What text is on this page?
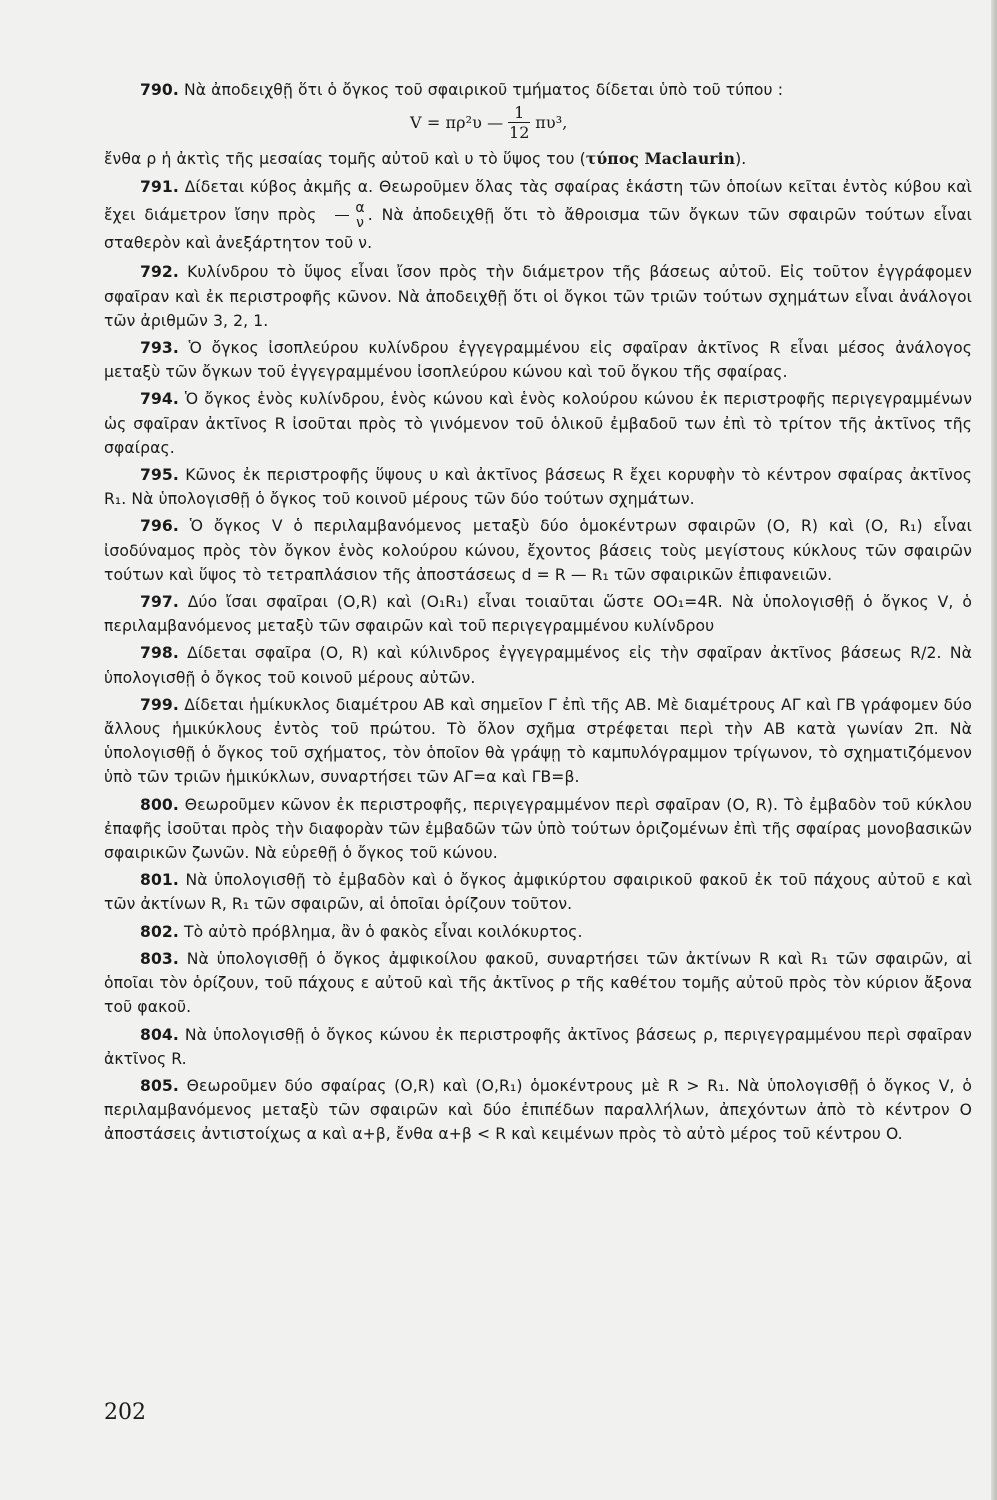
790. Νὰ ἀποδειχθῇ ὅτι ὁ ὄγκος τοῦ σφαιρικοῦ τμήματος δίδεται ὑπὸ τοῦ τύπου :

V = πρ²υ — $\frac{1}{12} \pi\upsilon^3$,

ἔνθα ρ ἡ ἀκτὶς τῆς μεσαίας τομῆς αὐτοῦ καὶ υ τὸ ὕψος του (τύπος Maclaurin).

791. Δίδεται κύβος ἀκμῆς α. Θεωροῦμεν ὅλας τὰς σφαίρας ἑκάστη τῶν ὁποίων κεῖται ἐντὸς κύβου καὶ ἔχει διάμετρον ἴσην πρὸς $\frac{\alpha}{\nu}$ . Νὰ ἀποδειχθῇ ὅτι τὸ ἄθροισμα τῶν ὄγκων τῶν σφαιρῶν τούτων εἶναι σταθερὸν καὶ ἀνεξάρτητον τοῦ ν.

792. Κυλίνδρου τὸ ὕψος εἶναι ἴσον πρὸς τὴν διάμετρον τῆς βάσεως αὐτοῦ. Εἰς τοῦτον ἐγγράφομεν σφαῖραν καὶ ἐκ περιστροφῆς κῶνον. Νὰ ἀποδειχθῇ ὅτι οἱ ὄγκοι τῶν τριῶν τούτων σχημάτων εἶναι ἀνάλογοι τῶν ἀριθμῶν 3, 2, 1.

793. Ὁ ὄγκος ἰσοπλεύρου κυλίνδρου ἐγγεγραμμένου εἰς σφαῖραν ἀκτῖνος R εἶναι μέσος ἀνάλογος μεταξὺ τῶν ὄγκων τοῦ ἐγγεγραμμένου ἰσοπλεύρου κώνου καὶ τοῦ ὄγκου τῆς σφαίρας.

794. Ὁ ὄγκος ἑνὸς κυλίνδρου, ἑνὸς κώνου καὶ ἑνὸς κολούρου κώνου ἐκ περιστροφῆς περιγεγραμμένων ὡς σφαῖραν ἀκτῖνος R ἰσοῦται πρὸς τὸ γινόμενον τοῦ ὁλικοῦ ἐμβαδοῦ των ἐπὶ τὸ τρίτον τῆς ἀκτῖνος τῆς σφαίρας.

795. Κῶνος ἐκ περιστροφῆς ὕψους υ καὶ ἀκτῖνος βάσεως R ἔχει κορυφὴν τὸ κέντρον σφαίρας ἀκτῖνος R₁. Νὰ ὑπολογισθῇ ὁ ὄγκος τοῦ κοινοῦ μέρους τῶν δύο τούτων σχημάτων.

796. Ὁ ὄγκος V ὁ περιλαμβανόμενος μεταξὺ δύο ὁμοκέντρων σφαιρῶν (O, R) καὶ (O, R₁) εἶναι ἰσοδύναμος πρὸς τὸν ὄγκον ἑνὸς κολούρου κώνου, ἔχοντος βάσεις τοὺς μεγίστους κύκλους τῶν σφαιρῶν τούτων καὶ ὕψος τὸ τετραπλάσιον τῆς ἀποστάσεως d = R — R₁ τῶν σφαιρικῶν ἐπιφανειῶν.

797. Δύο ἴσαι σφαῖραι (O,R) καὶ (O₁R₁) εἶναι τοιαῦται ὥστε OO₁=4R. Νὰ ὑπολογισθῇ ὁ ὄγκος V, ὁ περιλαμβανόμενος μεταξὺ τῶν σφαιρῶν καὶ τοῦ περιγεγραμμένου κυλίνδρου

798. Δίδεται σφαῖρα (O, R) καὶ κύλινδρος ἐγγεγραμμένος εἰς τὴν σφαῖραν ἀκτῖνος βάσεως R/2. Νὰ ὑπολογισθῇ ὁ ὄγκος τοῦ κοινοῦ μέρους αὐτῶν.

799. Δίδεται ἡμίκυκλος διαμέτρου ΑΒ καὶ σημεῖον Γ ἐπὶ τῆς ΑΒ. Μὲ διαμέτρους ΑΓ καὶ ΓΒ γράφομεν δύο ἄλλους ἡμικύκλους ἐντὸς τοῦ πρώτου. Τὸ ὅλον σχῆμα στρέφεται περὶ τὴν ΑΒ κατὰ γωνίαν 2π. Νὰ ὑπολογισθῇ ὁ ὄγκος τοῦ σχήματος, τὸν ὁποῖον θὰ γράψῃ τὸ καμπυλόγραμμον τρίγωνον, τὸ σχηματιζόμενον ὑπὸ τῶν τριῶν ἡμικύκλων, συναρτήσει τῶν ΑΓ=α καὶ ΓΒ=β.

800. Θεωροῦμεν κῶνον ἐκ περιστροφῆς, περιγεγραμμένον περὶ σφαῖραν (O, R). Τὸ ἐμβαδὸν τοῦ κύκλου ἐπαφῆς ἰσοῦται πρὸς τὴν διαφορὰν τῶν ἐμβαδῶν τῶν ὑπὸ τούτων ὁριζομένων ἐπὶ τῆς σφαίρας μονοβασικῶν σφαιρικῶν ζωνῶν. Νὰ εὑρεθῇ ὁ ὄγκος τοῦ κώνου.

801. Νὰ ὑπολογισθῇ τὸ ἐμβαδὸν καὶ ὁ ὄγκος ἀμφικύρτου σφαιρικοῦ φακοῦ ἐκ τοῦ πάχους αὐτοῦ ε καὶ τῶν ἀκτίνων R, R₁ τῶν σφαιρῶν, αἱ ὁποῖαι ὁρίζουν τοῦτον.

802. Τὸ αὐτὸ πρόβλημα, ἂν ὁ φακὸς εἶναι κοιλόκυρτος.

803. Νὰ ὑπολογισθῇ ὁ ὄγκος ἀμφικοίλου φακοῦ, συναρτήσει τῶν ἀκτίνων R καὶ R₁ τῶν σφαιρῶν, αἱ ὁποῖαι τὸν ὁρίζουν, τοῦ πάχους ε αὐτοῦ καὶ τῆς ἀκτῖνος ρ τῆς καθέτου τομῆς αὐτοῦ πρὸς τὸν κύριον ἄξονα τοῦ φακοῦ.

804. Νὰ ὑπολογισθῇ ὁ ὄγκος κώνου ἐκ περιστροφῆς ἀκτῖνος βάσεως ρ, περιγεγραμμένου περὶ σφαῖραν ἀκτῖνος R.

805. Θεωροῦμεν δύο σφαίρας (O,R) καὶ (O,R₁) ὁμοκέντρους μὲ R > R₁. Νὰ ὑπολογισθῇ ὁ ὄγκος V, ὁ περιλαμβανόμενος μεταξὺ τῶν σφαιρῶν καὶ δύο ἐπιπέδων παραλλήλων, ἀπεχόντων ἀπὸ τὸ κέντρον O ἀποστάσεις ἀντιστοίχως α καὶ α+β, ἔνθα α+β < R καὶ κειμένων πρὸς τὸ αὐτὸ μέρος τοῦ κέντρου O.

202
